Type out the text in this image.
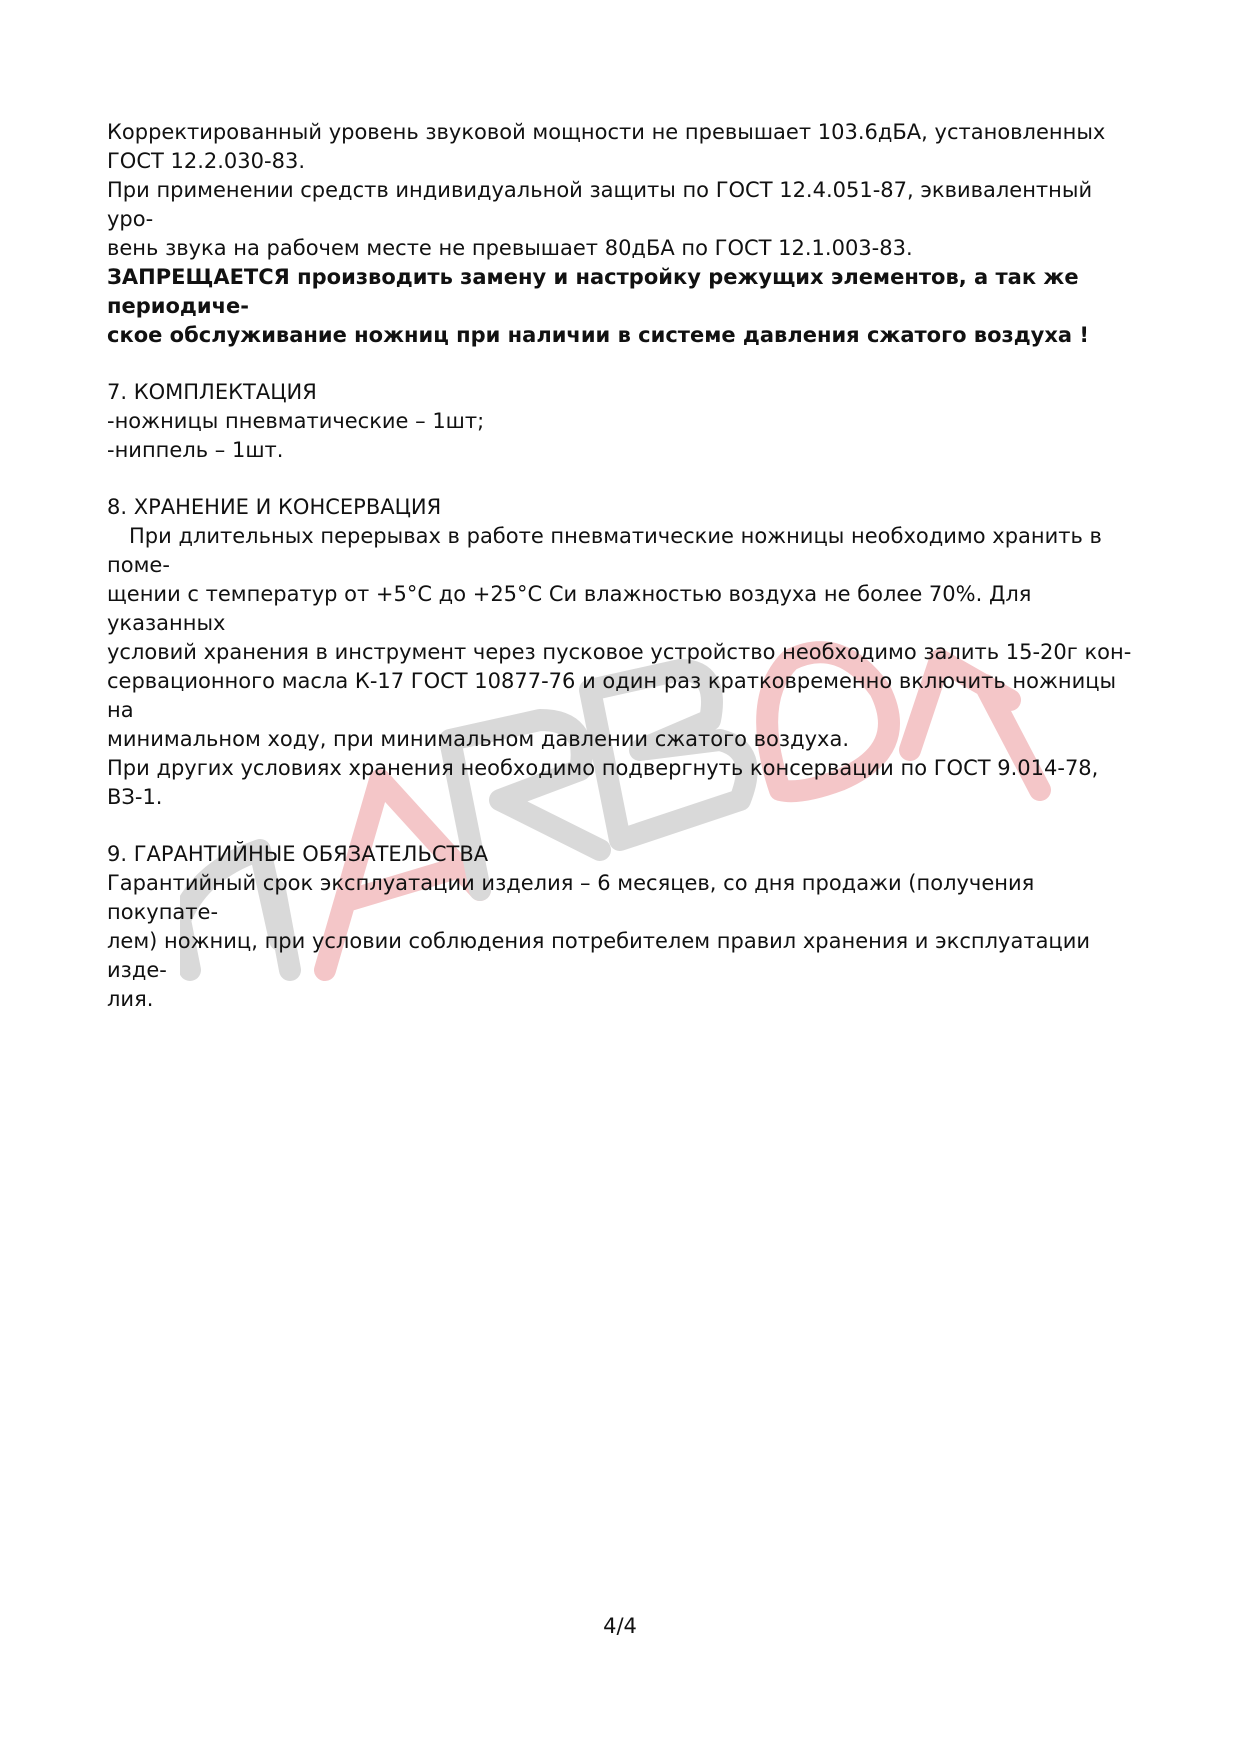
Корректированный уровень звуковой мощности не превышает 103.6дБА, установленных

ГОСТ 12.2.030-83.

При применении средств индивидуальной защиты по ГОСТ 12.4.051-87, эквивалентный уро-

вень звука на рабочем месте не превышает 80дБА по ГОСТ 12.1.003-83.

ЗАПРЕЩАЕТСЯ производить замену и настройку режущих элементов, а так же периодиче-

ское обслуживание ножниц при наличии в системе давления сжатого воздуха !

7. КОМПЛЕКТАЦИЯ

-ножницы пневматические – 1шт;

-ниппель – 1шт.

8. ХРАНЕНИЕ И КОНСЕРВАЦИЯ

При длительных перерывах в работе пневматические ножницы необходимо хранить в поме-

щении с температур от +5°С до +25°С Си влажностью воздуха не более 70%. Для указанных

условий хранения в инструмент через пусковое устройство необходимо залить 15-20г кон-

сервационного масла К-17 ГОСТ 10877-76 и один раз кратковременно включить ножницы на

минимальном ходу, при минимальном давлении сжатого воздуха.

При других условиях хранения необходимо подвергнуть консервации по ГОСТ 9.014-78, ВЗ-1.

9. ГАРАНТИЙНЫЕ ОБЯЗАТЕЛЬСТВА

Гарантийный срок эксплуатации изделия – 6 месяцев, со дня продажи (получения покупате-

лем) ножниц, при условии соблюдения потребителем правил хранения и эксплуатации изде-

лия.

4/4
